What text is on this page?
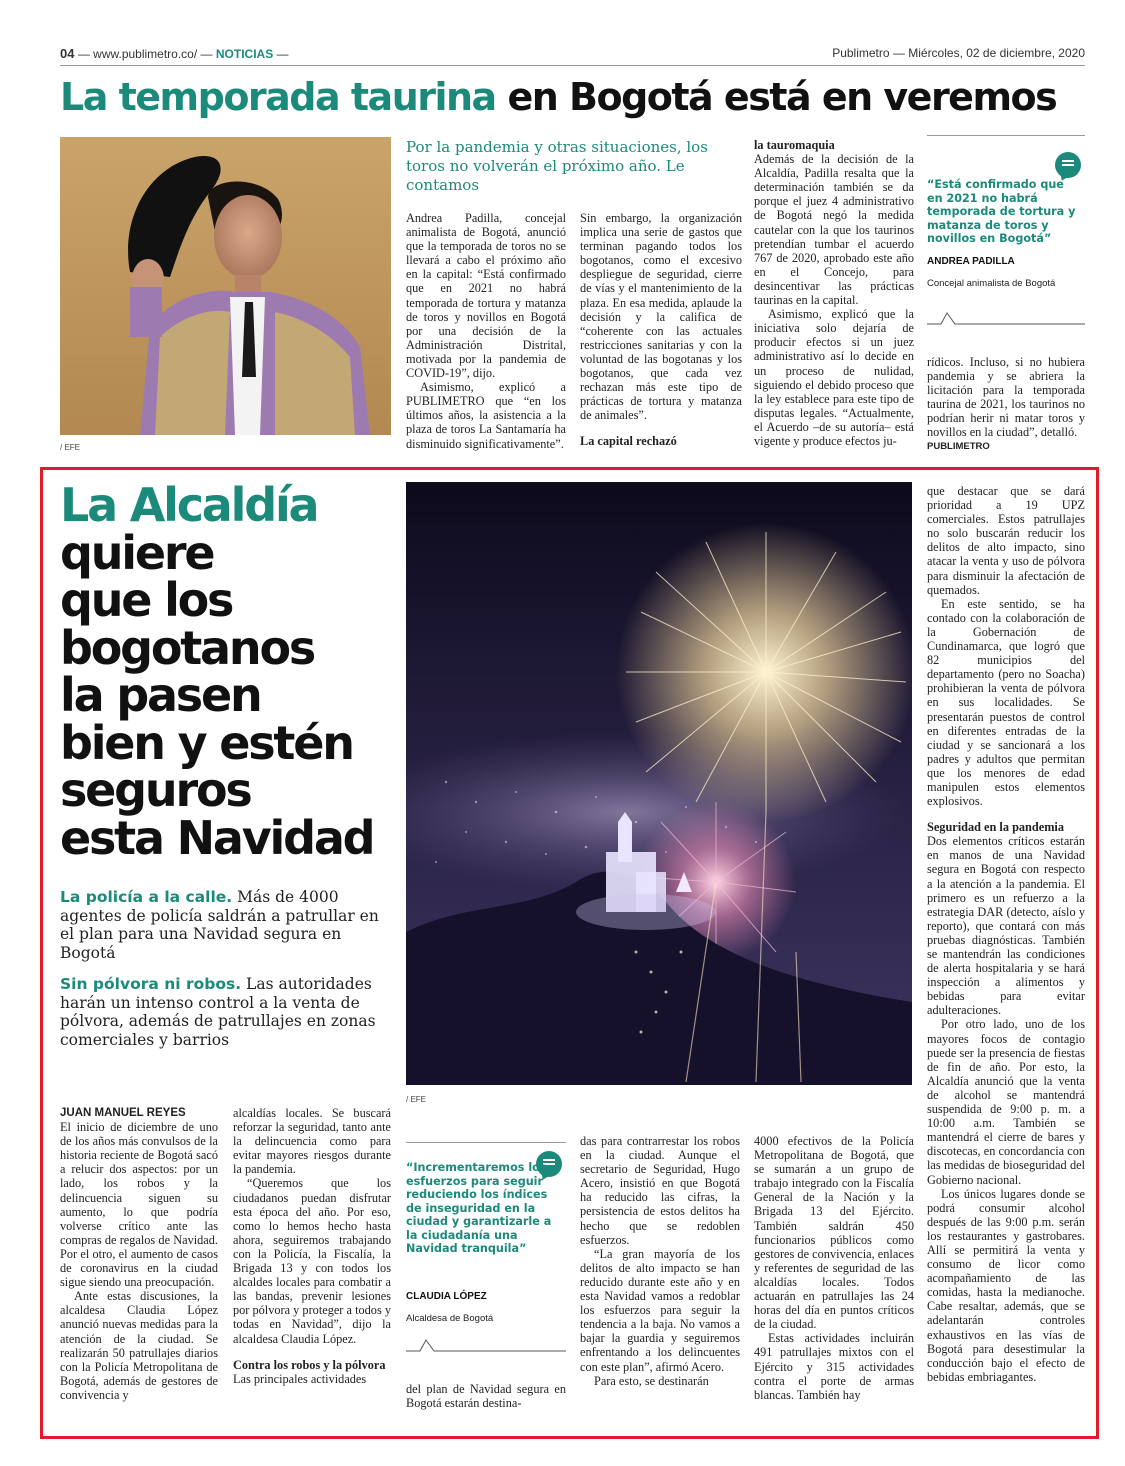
04 — www.publimetro.co/ — NOTICIAS —	Publimetro — Miércoles, 02 de diciembre, 2020
La temporada taurina en Bogotá está en veremos
/ EFE
Por la pandemia y otras situaciones, los toros no volverán el próximo año. Le contamos

Andrea Padilla, concejal animalista de Bogotá, anunció que la temporada de toros no se llevará a cabo el próximo año en la capital: “Está confirmado que en 2021 no habrá temporada de tortura y matanza de toros y novillos en Bogotá por una decisión de la Administración Distrital, motivada por la pandemia de COVID-19”, dijo.

Asimismo, explicó a PUBLIMETRO que “en los últimos años, la asistencia a la plaza de toros La Santamaría ha disminuido significativamente”.

Sin embargo, la organización implica una serie de gastos que terminan pagando todos los bogotanos, como el excesivo despliegue de seguridad, cierre de vías y el mantenimiento de la plaza. En esa medida, aplaude la decisión y la califica de “coherente con las actuales restricciones sanitarias y con la voluntad de las bogotanas y los bogotanos, que cada vez rechazan más este tipo de prácticas de tortura y matanza de animales”.

La capital rechazó

la tauromaquia

Además de la decisión de la Alcaldía, Padilla resalta que la determinación también se da porque el juez 4 administrativo de Bogotá negó la medida cautelar con la que los taurinos pretendían tumbar el acuerdo 767 de 2020, aprobado este año en el Concejo, para desincentivar las prácticas taurinas en la capital.

Asimismo, explicó que la iniciativa solo dejaría de producir efectos si un juez administrativo así lo decide en un proceso de nulidad, siguiendo el debido proceso que la ley establece para este tipo de disputas legales. “Actualmente, el Acuerdo –de su autoría– está vigente y produce efectos ju-

rídicos. Incluso, si no hubiera pandemia y se abriera la licitación para la temporada taurina de 2021, los taurinos no podrían herir ni matar toros y novillos en la ciudad”, detalló.

PUBLIMETRO

“Está confirmado que en 2021 no habrá temporada de tortura y matanza de toros y novillos en Bogotá”
ANDREA PADILLA
Concejal animalista de Bogotá
La Alcaldía
quiere
que los
bogotanos
la pasen
bien y estén
seguros
esta Navidad
La policía a la calle. Más de 4000 agentes de policía saldrán a patrullar en el plan para una Navidad segura en Bogotá
Sin pólvora ni robos. Las autoridades harán un intenso control a la venta de pólvora, además de patrullajes en zonas comerciales y barrios
/ EFE

JUAN MANUEL REYES

El inicio de diciembre de uno de los años más convulsos de la historia reciente de Bogotá sacó a relucir dos aspectos: por un lado, los robos y la delincuencia siguen su aumento, lo que podría volverse crítico ante las compras de regalos de Navidad. Por el otro, el aumento de casos de coronavirus en la ciudad sigue siendo una preocupación.

Ante estas discusiones, la alcaldesa Claudia López anunció nuevas medidas para la atención de la ciudad. Se realizarán 50 patrullajes diarios con la Policía Metropolitana de Bogotá, además de gestores de convivencia y

alcaldías locales. Se buscará reforzar la seguridad, tanto ante la delincuencia como para evitar mayores riesgos durante la pandemia.

“Queremos que los ciudadanos puedan disfrutar esta época del año. Por eso, como lo hemos hecho hasta ahora, seguiremos trabajando con la Policía, la Fiscalía, la Brigada 13 y con todos los alcaldes locales para combatir a las bandas, prevenir lesiones por pólvora y proteger a todos y todas en Navidad”, dijo la alcaldesa Claudia López.

Contra los robos y la pólvora

Las principales actividades

“Incrementaremos los esfuerzos para seguir reduciendo los índices de inseguridad en la ciudad y garantizarle a la ciudadanía una Navidad tranquila”
CLAUDIA LÓPEZ
Alcaldesa de Bogotá

del plan de Navidad segura en Bogotá estarán destina-

das para contrarrestar los robos en la ciudad. Aunque el secretario de Seguridad, Hugo Acero, insistió en que Bogotá ha reducido las cifras, la persistencia de estos delitos ha hecho que se redoblen esfuerzos.

“La gran mayoría de los delitos de alto impacto se han reducido durante este año y en esta Navidad vamos a redoblar los esfuerzos para seguir la tendencia a la baja. No vamos a bajar la guardia y seguiremos enfrentando a los delincuentes con este plan”, afirmó Acero.

Para esto, se destinarán

4000 efectivos de la Policía Metropolitana de Bogotá, que se sumarán a un grupo de trabajo integrado con la Fiscalía General de la Nación y la Brigada 13 del Ejército. También saldrán 450 funcionarios públicos como gestores de convivencia, enlaces y referentes de seguridad de las alcaldías locales. Todos actuarán en patrullajes las 24 horas del día en puntos críticos de la ciudad.

Estas actividades incluirán 491 patrullajes mixtos con el Ejército y 315 actividades contra el porte de armas blancas. También hay

que destacar que se dará prioridad a 19 UPZ comerciales. Estos patrullajes no solo buscarán reducir los delitos de alto impacto, sino atacar la venta y uso de pólvora para disminuir la afectación de quemados.

En este sentido, se ha contado con la colaboración de la Gobernación de Cundinamarca, que logró que 82 municipios del departamento (pero no Soacha) prohibieran la venta de pólvora en sus localidades. Se presentarán puestos de control en diferentes entradas de la ciudad y se sancionará a los padres y adultos que permitan que los menores de edad manipulen estos elementos explosivos.

Seguridad en la pandemia

Dos elementos críticos estarán en manos de una Navidad segura en Bogotá con respecto a la atención a la pandemia. El primero es un refuerzo a la estrategia DAR (detecto, aíslo y reporto), que contará con más pruebas diagnósticas. También se mantendrán las condiciones de alerta hospitalaria y se hará inspección a alimentos y bebidas para evitar adulteraciones.

Por otro lado, uno de los mayores focos de contagio puede ser la presencia de fiestas de fin de año. Por esto, la Alcaldía anunció que la venta de alcohol se mantendrá suspendida de 9:00 p. m. a 10:00 a.m. También se mantendrá el cierre de bares y discotecas, en concordancia con las medidas de bioseguridad del Gobierno nacional.

Los únicos lugares donde se podrá consumir alcohol después de las 9:00 p.m. serán los restaurantes y gastrobares. Allí se permitirá la venta y consumo de licor como acompañamiento de las comidas, hasta la medianoche. Cabe resaltar, además, que se adelantarán controles exhaustivos en las vías de Bogotá para desestimular la conducción bajo el efecto de bebidas embriagantes.
